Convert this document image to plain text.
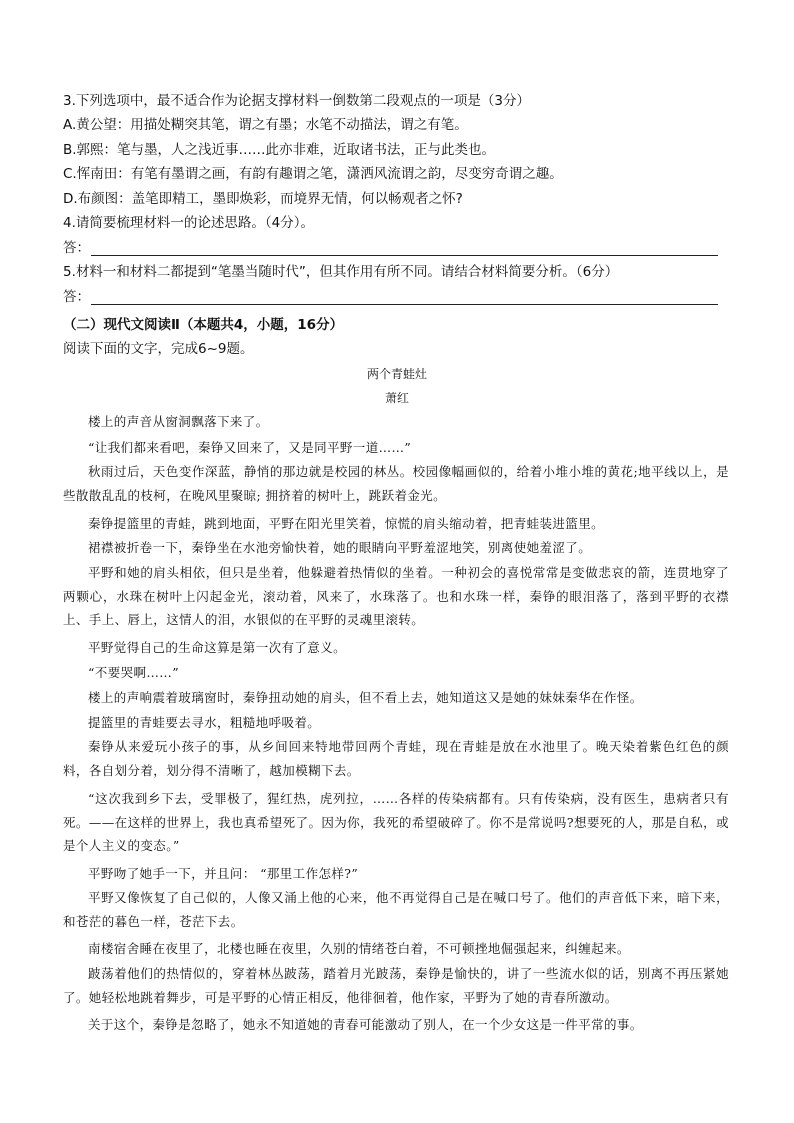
3.下列选项中，最不适合作为论据支撑材料一倒数第二段观点的一项是（3分）
A.黄公望：用描处糊突其笔，谓之有墨；水笔不动描法，谓之有笔。
B.郭熙：笔与墨，人之浅近事……此亦非难，近取诸书法，正与此类也。
C.恽南田：有笔有墨谓之画，有韵有趣谓之笔，潇洒风流谓之韵，尽变穷奇谓之趣。
D.布颜图：盖笔即精工，墨即焕彩，而境界无情，何以畅观者之怀?
4.请简要梳理材料一的论述思路。（4分）。
答：
5.材料一和材料二都提到“笔墨当随时代”，但其作用有所不同。请结合材料简要分析。（6分）
答：
（二）现代文阅读Ⅱ（本题共4，小题，16分）
阅读下面的文字，完成6~9题。
两个青蛙灶
萧红
楼上的声音从窗洞飘落下来了。
“让我们都来看吧，秦铮又回来了，又是同平野一道……”
秋雨过后，天色变作深蓝，静悄的那边就是校园的林丛。校园像幅画似的，给着小堆小堆的黄花;地平线以上，是些散散乱乱的枝柯，在晚风里聚晾; 拥挤着的树叶上，跳跃着金光。
秦铮提篮里的青蛙，跳到地面，平野在阳光里笑着，惊慌的肩头缩动着，把青蛙装进篮里。
裙襟被折卷一下，秦铮坐在水池旁愉快着，她的眼睛向平野羞涩地笑，别离使她羞涩了。
平野和她的肩头相依，但只是坐着，他躲避着热情似的坐着。一种初会的喜悦常常是变做悲哀的箭，连贯地穿了两颗心，水珠在树叶上闪起金光，滚动着，风来了，水珠落了。也和水珠一样，秦铮的眼泪落了，落到平野的衣襟上、手上、唇上，这情人的泪，水银似的在平野的灵魂里滚转。
平野觉得自己的生命这算是第一次有了意义。
“不要哭啊……”
楼上的声响震着玻璃窗时，秦铮扭动她的肩头，但不看上去，她知道这又是她的妹妹秦华在作怪。
提篮里的青蛙要去寻水，粗糙地呼吸着。
秦铮从来爱玩小孩子的事，从乡间回来特地带回两个青蛙，现在青蛙是放在水池里了。晚天染着紫色红色的颜料，各自划分着，划分得不清晰了，越加模糊下去。
“这次我到乡下去，受罪极了，猩红热，虎列拉，……各样的传染病都有。只有传染病，没有医生，患病者只有死。——在这样的世界上，我也真希望死了。因为你，我死的希望破碎了。你不是常说吗?想要死的人，那是自私，或是个人主义的变态。”
平野吻了她手一下，并且问： “那里工作怎样?”
平野又像恢复了自己似的，人像又涌上他的心来，他不再觉得自己是在喊口号了。他们的声音低下来，暗下来，和苍茫的暮色一样，苍茫下去。
南楼宿舍睡在夜里了，北楼也睡在夜里，久别的情绪苍白着，不可顿挫地倔强起来，纠缠起来。
跛荡着他们的热情似的，穿着林丛跛荡，踏着月光跛荡，秦铮是愉快的，讲了一些流水似的话，别离不再压紧她了。她轻松地跳着舞步，可是平野的心情正相反，他徘徊着，他作家，平野为了她的青春所激动。
关于这个，秦铮是忽略了，她永不知道她的青春可能激动了别人，在一个少女这是一件平常的事。
